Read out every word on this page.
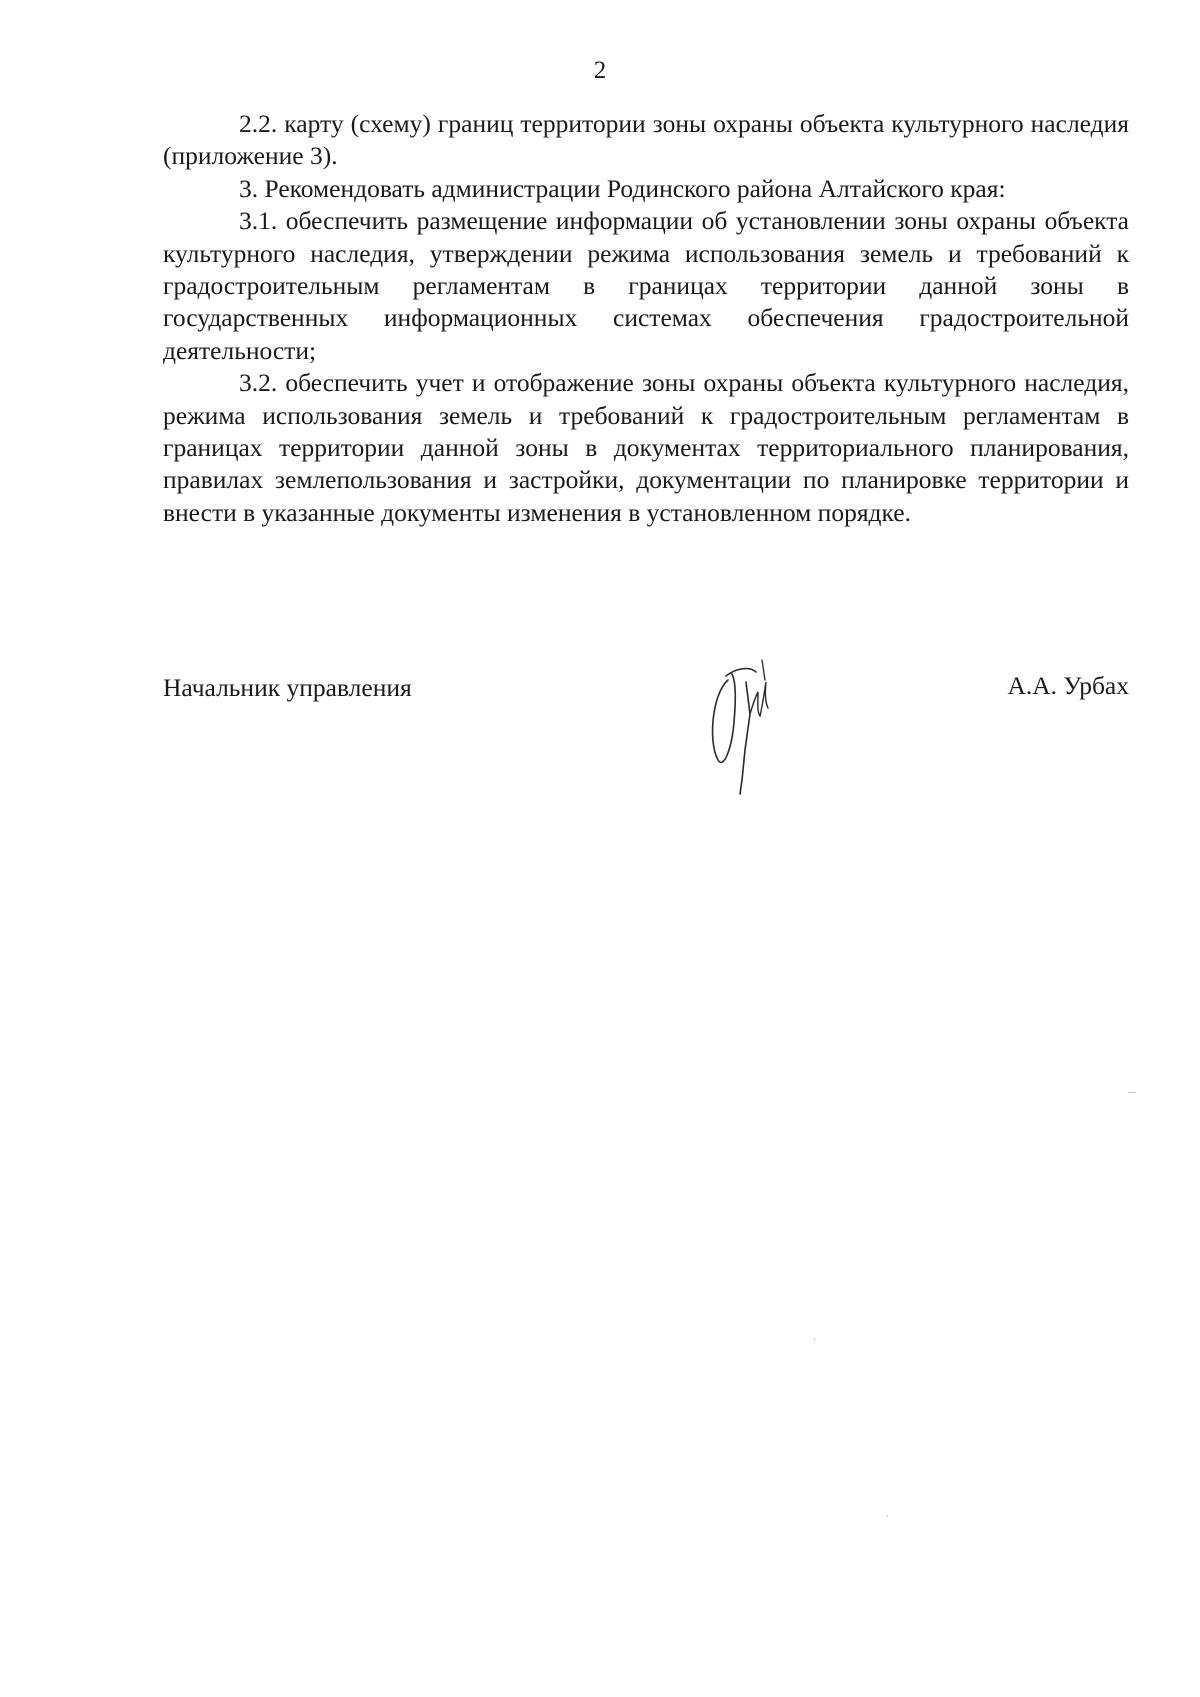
2

2.2. карту (схему) границ территории зоны охраны объекта культурного наследия (приложение 3).

3. Рекомендовать администрации Родинского района Алтайского края:

3.1. обеспечить размещение информации об установлении зоны охраны объекта культурного наследия, утверждении режима использования земель и требований к градостроительным регламентам в границах территории данной зоны в государственных информационных системах обеспечения градостроительной деятельности;

3.2. обеспечить учет и отображение зоны охраны объекта культурного наследия, режима использования земель и требований к градостроительным регламентам в границах территории данной зоны в документах территориального планирования, правилах землепользования и застройки, документации по планировке территории и внести в указанные документы изменения в установленном порядке.

Начальник управления	А.А. Урбах
